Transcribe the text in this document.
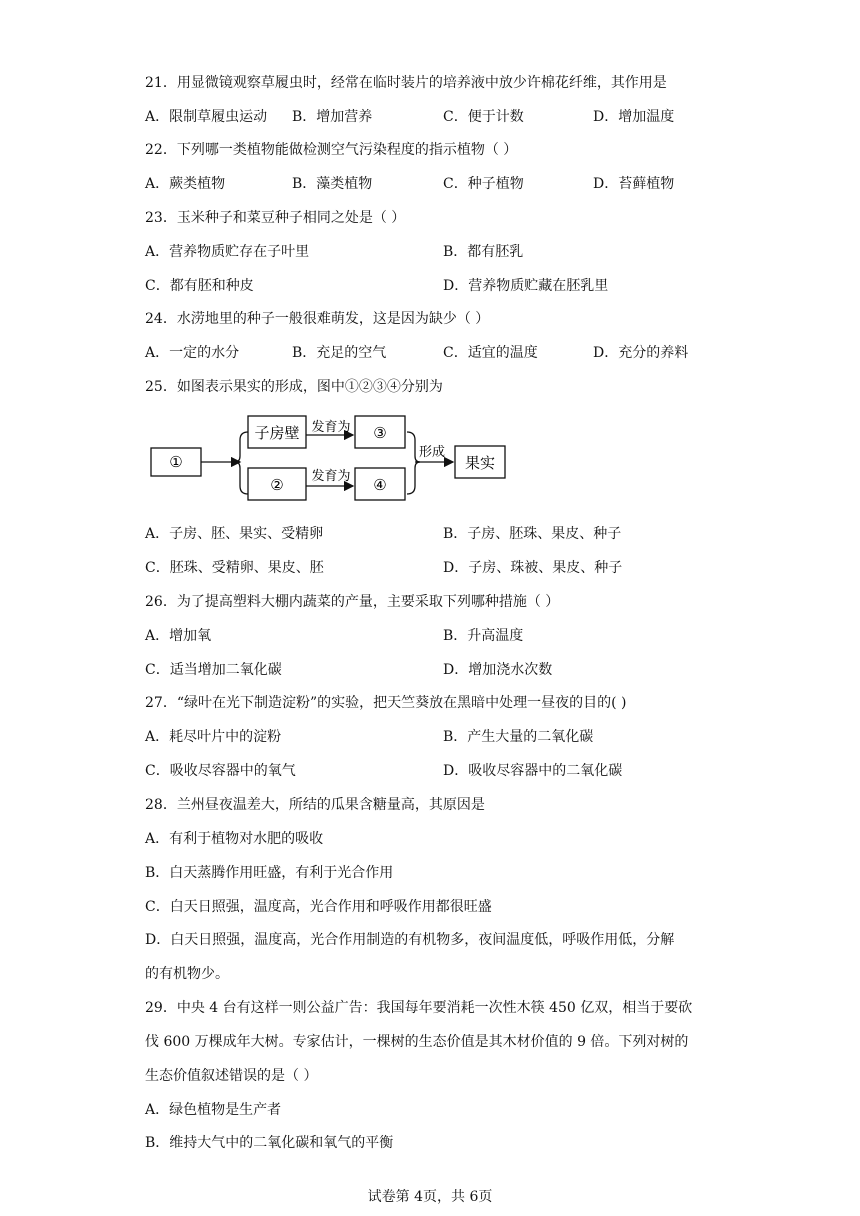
21．用显微镜观察草履虫时，经常在临时装片的培养液中放少许棉花纤维，其作用是
A．限制草履虫运动 B．增加营养	C．便于计数	D．增加温度
22．下列哪一类植物能做检测空气污染程度的指示植物（ ）
A．蕨类植物	B．藻类植物	C．种子植物	D．苔藓植物
23．玉米种子和菜豆种子相同之处是（ ）
A．营养物质贮存在子叶里	B．都有胚乳
C．都有胚和种皮	D．营养物质贮藏在胚乳里
24．水涝地里的种子一般很难萌发，这是因为缺少（ ）
A．一定的水分	B．充足的空气	C．适宜的温度	D．充分的养料
25．如图表示果实的形成，图中①②③④分别为
①
子房壁
②
发育为
发育为
③
④
形成
果实
A．子房、胚、果实、受精卵	B．子房、胚珠、果皮、种子
C．胚珠、受精卵、果皮、胚	D．子房、珠被、果皮、种子
26．为了提高塑料大棚内蔬菜的产量，主要采取下列哪种措施（ ）
A．增加氧	B．升高温度
C．适当增加二氧化碳	D．增加浇水次数
27．“绿叶在光下制造淀粉”的实验，把天竺葵放在黑暗中处理一昼夜的目的( )
A．耗尽叶片中的淀粉	B．产生大量的二氧化碳
C．吸收尽容器中的氧气	D．吸收尽容器中的二氧化碳
28．兰州昼夜温差大，所结的瓜果含糖量高，其原因是
A．有利于植物对水肥的吸收
B．白天蒸腾作用旺盛，有利于光合作用
C．白天日照强，温度高，光合作用和呼吸作用都很旺盛
D．白天日照强，温度高，光合作用制造的有机物多，夜间温度低，呼吸作用低，分解
的有机物少。
29．中央 4 台有这样一则公益广告：我国每年要消耗一次性木筷 450 亿双，相当于要砍
伐 600 万棵成年大树。专家估计，一棵树的生态价值是其木材价值的 9 倍。下列对树的
生态价值叙述错误的是（ ）
A．绿色植物是生产者
B．维持大气中的二氧化碳和氧气的平衡
试卷第 4页，共 6页
